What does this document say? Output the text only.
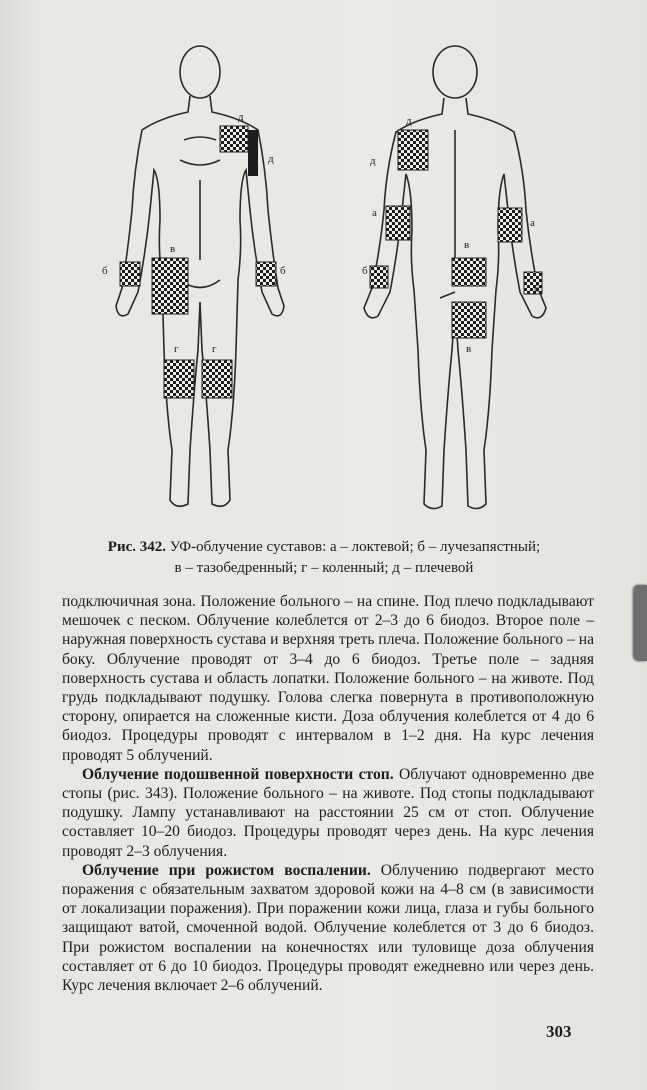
д
д
в
б	б
г	г
д
д
а
а
в
в
б
б
Рис. 342. УФ-облучение суставов: а – локтевой; б – лучезапястный;
в – тазобедренный; г – коленный; д – плечевой

подключичная зона. Положение больного – на спине. Под плечо подкладывают мешочек с песком. Облучение колеблется от 2–3 до 6 биодоз. Второе поле – наружная поверхность сустава и верхняя треть плеча. Положение больного – на боку. Облучение проводят от 3–4 до 6 биодоз. Третье поле – задняя поверхность сустава и область лопатки. Положение больного – на животе. Под грудь подкладывают подушку. Голова слегка повернута в противоположную сторону, опирается на сложенные кисти. Доза облучения колеблется от 4 до 6 биодоз. Процедуры проводят с интервалом в 1–2 дня. На курс лечения проводят 5 облучений.

Облучение подошвенной поверхности стоп. Облучают одновременно две стопы (рис. 343). Положение больного – на животе. Под стопы подкладывают подушку. Лампу устанавливают на расстоянии 25 см от стоп. Облучение составляет 10–20 биодоз. Процедуры проводят через день. На курс лечения проводят 2–3 облучения.

Облучение при рожистом воспалении. Облучению подвергают место поражения с обязательным захватом здоровой кожи на 4–8 см (в зависимости от локализации поражения). При поражении кожи лица, глаза и губы больного защищают ватой, смоченной водой. Облучение колеблется от 3 до 6 биодоз. При рожистом воспалении на конечностях или туловище доза облучения составляет от 6 до 10 биодоз. Процедуры проводят ежедневно или через день. Курс лечения включает 2–6 облучений.

303
